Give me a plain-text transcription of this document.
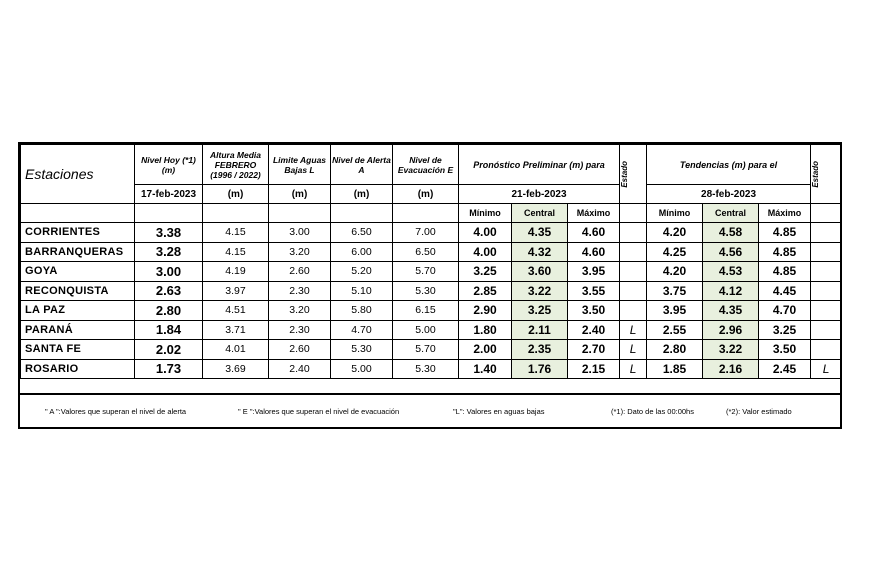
Estaciones	Nivel Hoy (*1) (m)	Altura Media FEBRERO (1996 / 2022)	Limite Aguas Bajas L	Nivel de Alerta A	Nivel de Evacuación E	Pronóstico Preliminar (m) para			Estado	Tendencias (m) para el			Estado

	17-feb-2023	(m)	(m)	(m)	(m)	21-feb-2023				28-feb-2023			
						Mínimo	Central	Máximo		Mínimo	Central	Máximo	
CORRIENTES	3.38	4.15	3.00	6.50	7.00	4.00	4.35	4.60		4.20	4.58	4.85	
BARRANQUERAS	3.28	4.15	3.20	6.00	6.50	4.00	4.32	4.60		4.25	4.56	4.85	
GOYA	3.00	4.19	2.60	5.20	5.70	3.25	3.60	3.95		4.20	4.53	4.85	
RECONQUISTA	2.63	3.97	2.30	5.10	5.30	2.85	3.22	3.55		3.75	4.12	4.45	
LA PAZ	2.80	4.51	3.20	5.80	6.15	2.90	3.25	3.50		3.95	4.35	4.70	
PARANÁ	1.84	3.71	2.30	4.70	5.00	1.80	2.11	2.40	L	2.55	2.96	3.25	
SANTA FE	2.02	4.01	2.60	5.30	5.70	2.00	2.35	2.70	L	2.80	3.22	3.50	
ROSARIO	1.73	3.69	2.40	5.00	5.30	1.40	1.76	2.15	L	1.85	2.16	2.45	L
" A ":Valores que superan el nivel de alerta	" E ":Valores que superan el nivel de evacuación	"L": Valores en aguas bajas	(*1): Dato de las 00:00hs	(*2): Valor estimado
